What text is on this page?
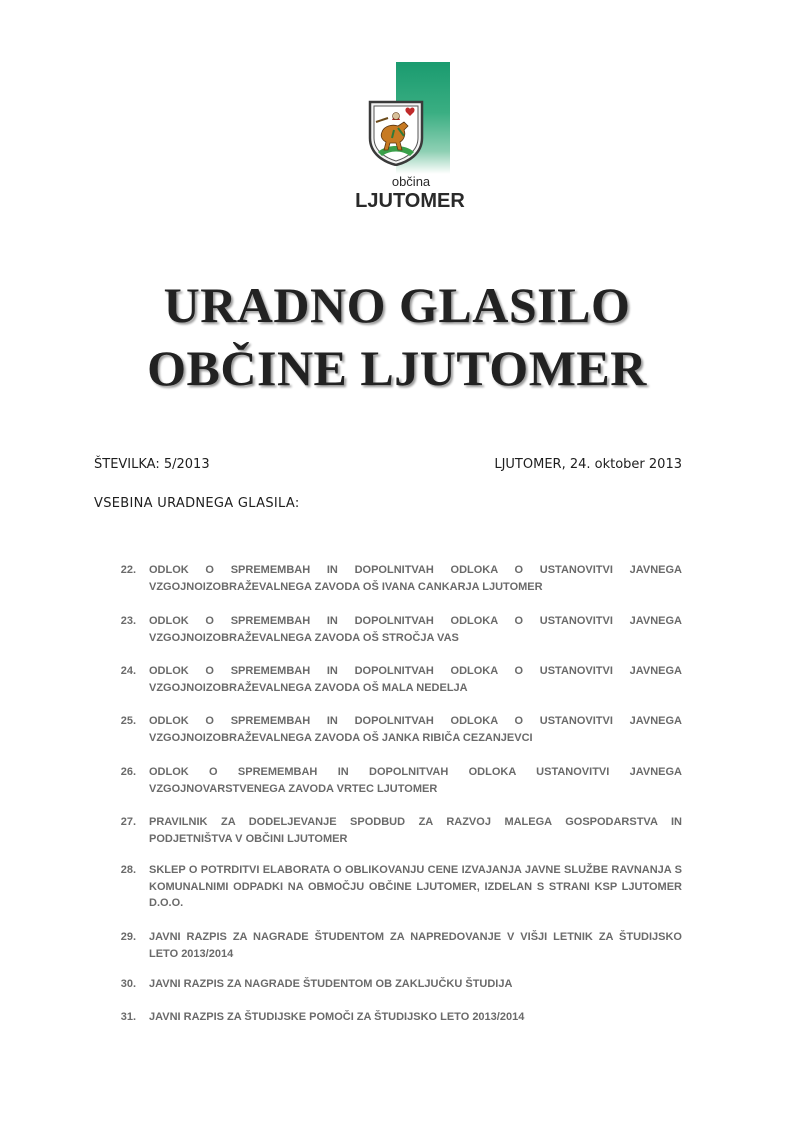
občina
LJUTOMER
URADNO GLASILO
OBČINE LJUTOMER
ŠTEVILKA: 5/2013	LJUTOMER, 24. oktober 2013
VSEBINA URADNEGA GLASILA:
22. ODLOK O SPREMEMBAH IN DOPOLNITVAH ODLOKA O USTANOVITVI JAVNEGA VZGOJNOIZOBRAŽEVALNEGA ZAVODA OŠ IVANA CANKARJA LJUTOMER
23. ODLOK O SPREMEMBAH IN DOPOLNITVAH ODLOKA O USTANOVITVI JAVNEGA VZGOJNOIZOBRAŽEVALNEGA ZAVODA OŠ STROČJA VAS
24. ODLOK O SPREMEMBAH IN DOPOLNITVAH ODLOKA O USTANOVITVI JAVNEGA VZGOJNOIZOBRAŽEVALNEGA ZAVODA OŠ MALA NEDELJA
25. ODLOK O SPREMEMBAH IN DOPOLNITVAH ODLOKA O USTANOVITVI JAVNEGA VZGOJNOIZOBRAŽEVALNEGA ZAVODA OŠ JANKA RIBIČA CEZANJEVCI
26. ODLOK O SPREMEMBAH IN DOPOLNITVAH ODLOKA USTANOVITVI JAVNEGA VZGOJNOVARSTVENEGA ZAVODA VRTEC LJUTOMER
27. PRAVILNIK ZA DODELJEVANJE SPODBUD ZA RAZVOJ MALEGA GOSPODARSTVA IN PODJETNIŠTVA V OBČINI LJUTOMER
28. SKLEP O POTRDITVI ELABORATA O OBLIKOVANJU CENE IZVAJANJA JAVNE SLUŽBE RAVNANJA S KOMUNALNIMI ODPADKI NA OBMOČJU OBČINE LJUTOMER, IZDELAN S STRANI KSP LJUTOMER D.O.O.
29. JAVNI RAZPIS ZA NAGRADE ŠTUDENTOM ZA NAPREDOVANJE V VIŠJI LETNIK ZA ŠTUDIJSKO LETO 2013/2014
30. JAVNI RAZPIS ZA NAGRADE ŠTUDENTOM OB ZAKLJUČKU ŠTUDIJA
31. JAVNI RAZPIS ZA ŠTUDIJSKE POMOČI ZA ŠTUDIJSKO LETO 2013/2014
